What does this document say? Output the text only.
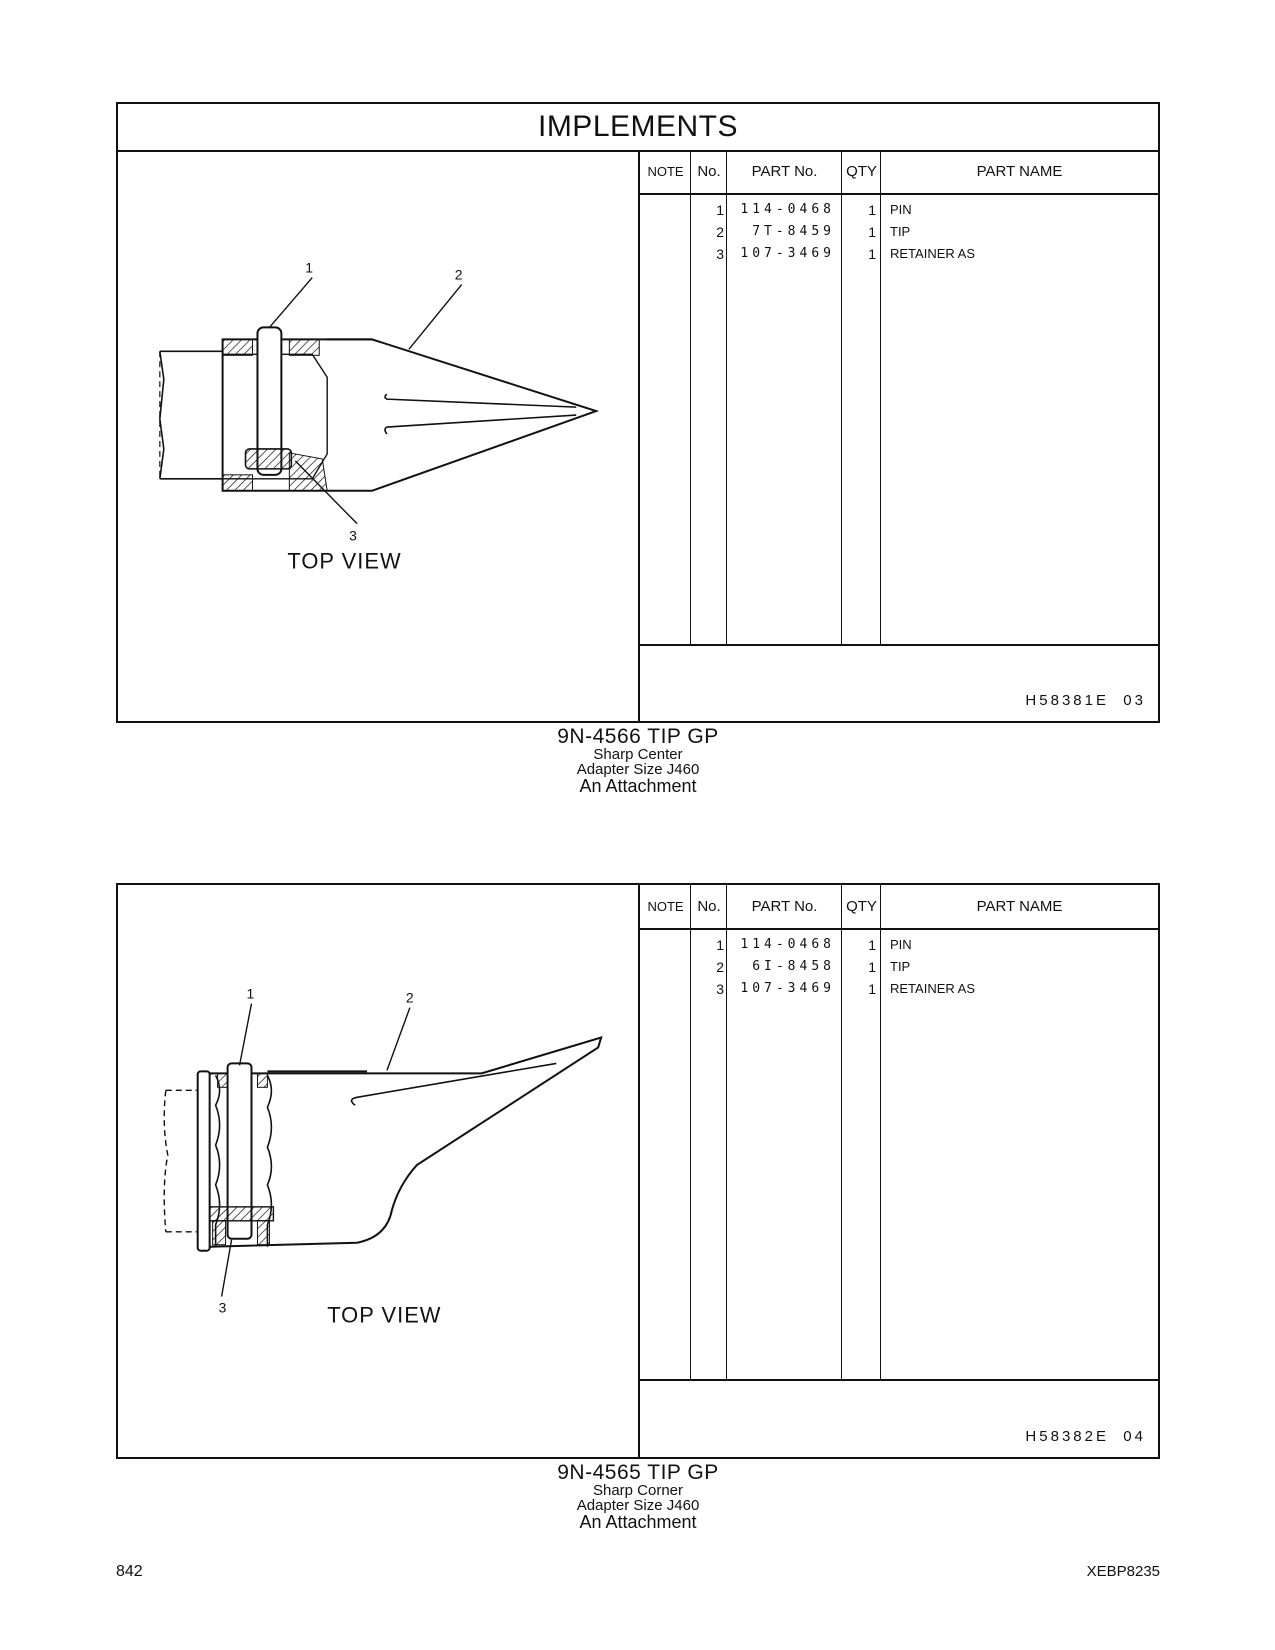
IMPLEMENTS
1	2
3
TOP VIEW
NOTE No.	PART No.	QTY	PART NAME
1	114-0468	1 PIN
2	7T-8459	1 TIP
3	107-3469	1 RETAINER AS
H58381E  03
9N-4566 TIP GP
Sharp Center
Adapter Size J460
An Attachment
1	2
3	TOP VIEW
NOTE No.	PART No.	QTY	PART NAME
1	114-0468	1 PIN
2	6I-8458	1 TIP
3	107-3469	1 RETAINER AS
H58382E  04
9N-4565 TIP GP
Sharp Corner
Adapter Size J460
An Attachment
842	XEBP8235
